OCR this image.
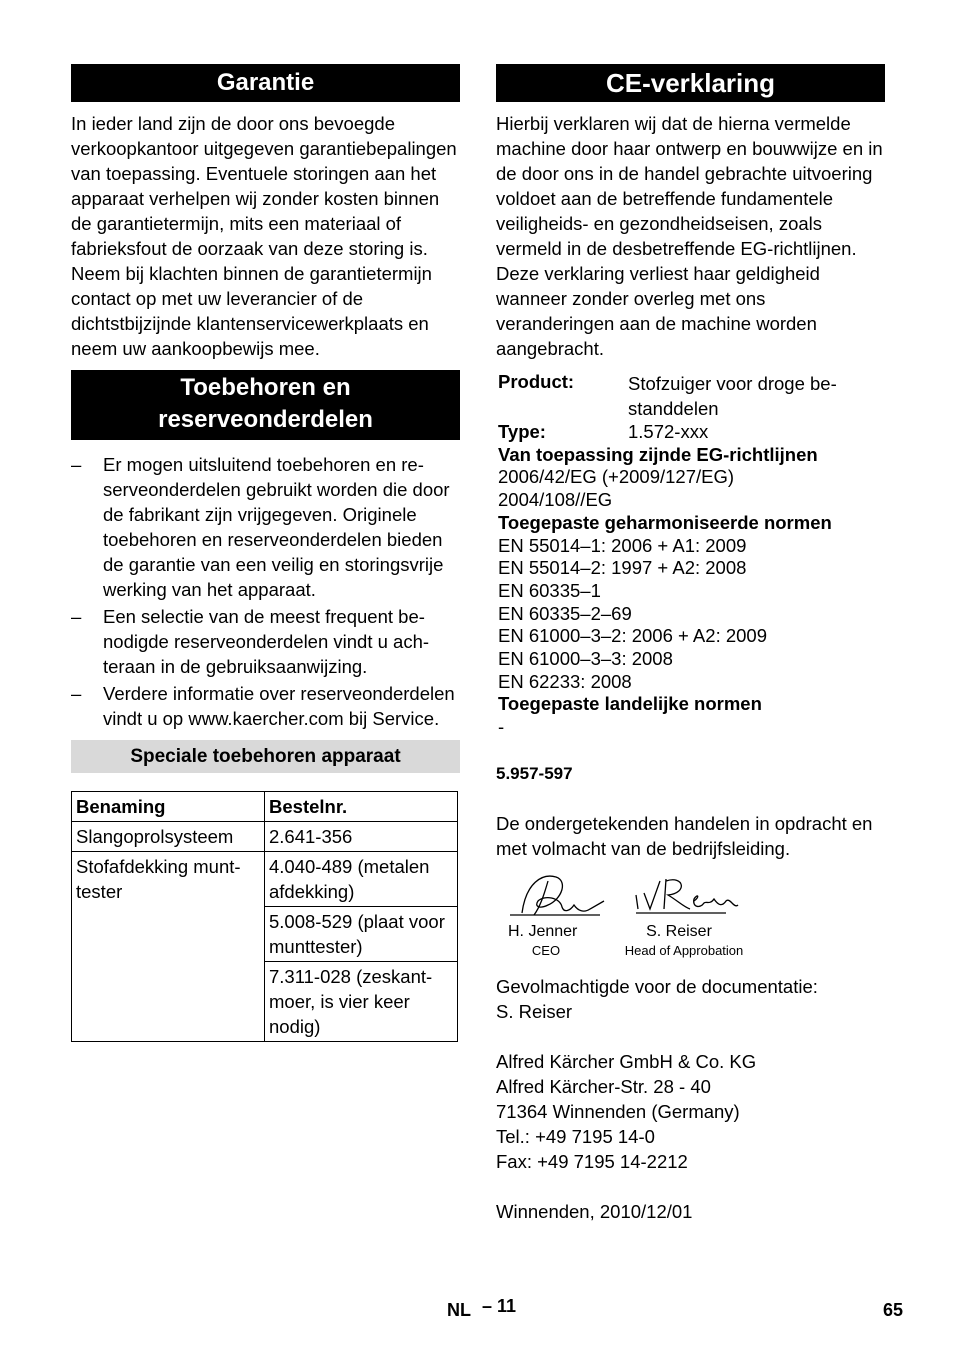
Garantie

In ieder land zijn de door ons bevoegde verkoopkantoor uitgegeven garantiebepalingen van toepassing. Eventuele storingen aan het apparaat verhelpen wij zonder kosten binnen de garantietermijn, mits een materiaal of fabrieksfout de oorzaak van deze storing is. Neem bij klachten binnen de garantietermijn contact op met uw leverancier of de dichtstbijzijnde klantenservicewerkplaats en neem uw aankoopbewijs mee.

Toebehoren en
reserveonderdelen
– Er mogen uitsluitend toebehoren en reserveonderdelen gebruikt worden die door de fabrikant zijn vrijgegeven. Originele toebehoren en reserveonderdelen bieden de garantie van een veilig en storingsvrije werking van het apparaat.
– Een selectie van de meest frequent benodigde reserveonderdelen vindt u achteraan in de gebruiksaanwijzing.
– Verdere informatie over reserveonderdelen vindt u op www.kaercher.com bij Service.
Speciale toebehoren apparaat
Benaming	Bestelnr.
Slangoprolsysteem	2.641-356
Stofafdekking munttester	4.040-489 (metalen afdekking)
	5.008-529 (plaat voor munttester)
	7.311-028 (zeskantmoer, is vier keer nodig)
CE-verklaring

Hierbij verklaren wij dat de hierna vermelde machine door haar ontwerp en bouwwijze en in de door ons in de handel gebrachte uitvoering voldoet aan de betreffende fundamentele veiligheids- en gezondheidseisen, zoals vermeld in de desbetreffende EG-richtlijnen. Deze verklaring verliest haar geldigheid wanneer zonder overleg met ons veranderingen aan de machine worden aangebracht.

Product:	Stofzuiger voor droge bestanddelen
Type:	1.572-xxx
Van toepassing zijnde EG-richtlijnen
2006/42/EG (+2009/127/EG)
2004/108//EG
Toegepaste geharmoniseerde normen
EN 55014–1: 2006 + A1: 2009
EN 55014–2: 1997 + A2: 2008
EN 60335–1
EN 60335–2–69
EN 61000–3–2: 2006 + A2: 2009
EN 61000–3–3: 2008
EN 62233: 2008
Toegepaste landelijke normen
-
5.957-597

De ondergetekenden handelen in opdracht en met volmacht van de bedrijfsleiding.

H. Jenner
CEO
S. Reiser
Head of Approbation
Gevolmachtigde voor de documentatie:
S. Reiser
Alfred Kärcher GmbH & Co. KG
Alfred Kärcher-Str. 28 - 40
71364 Winnenden (Germany)
Tel.: +49 7195 14-0
Fax: +49 7195 14-2212
Winnenden, 2010/12/01
NL – 11	65
